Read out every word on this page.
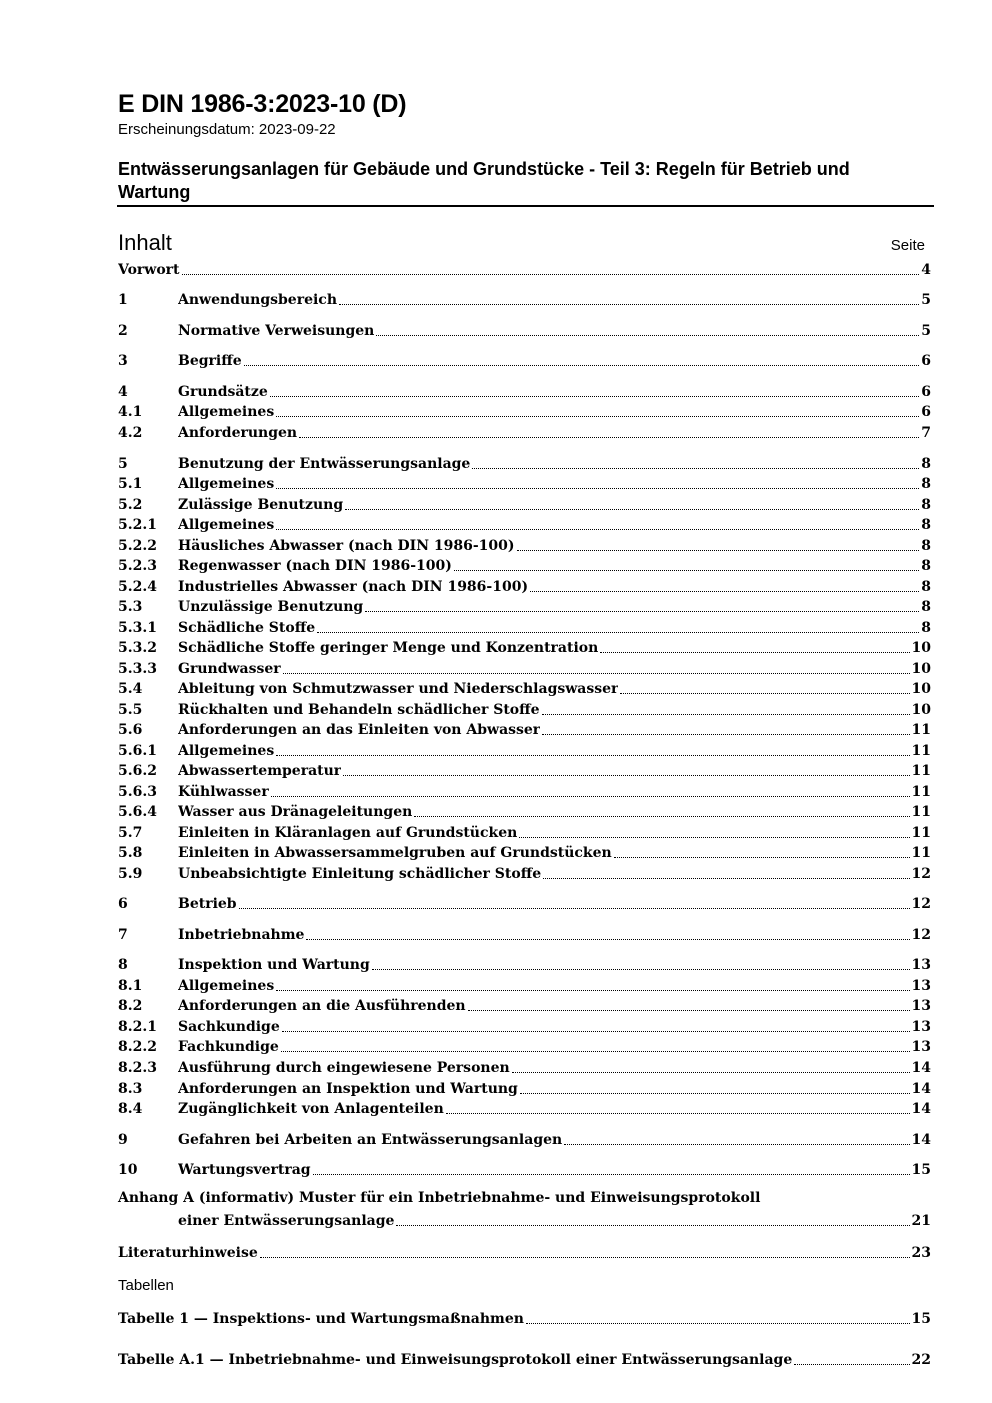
E DIN 1986-3:2023-10 (D)
Erscheinungsdatum: 2023-09-22
Entwässerungsanlagen für Gebäude und Grundstücke - Teil 3: Regeln für Betrieb und Wartung
Inhalt	Seite
Vorwort	4
1	Anwendungsbereich	5
2	Normative Verweisungen	5
3	Begriffe	6
4	Grundsätze	6
4.1	Allgemeines	6
4.2	Anforderungen	7
5	Benutzung der Entwässerungsanlage	8
5.1	Allgemeines	8
5.2	Zulässige Benutzung	8
5.2.1	Allgemeines	8
5.2.2	Häusliches Abwasser (nach DIN 1986-100)	8
5.2.3	Regenwasser (nach DIN 1986-100)	8
5.2.4	Industrielles Abwasser (nach DIN 1986-100)	8
5.3	Unzulässige Benutzung	8
5.3.1	Schädliche Stoffe	8
5.3.2	Schädliche Stoffe geringer Menge und Konzentration	10
5.3.3	Grundwasser	10
5.4	Ableitung von Schmutzwasser und Niederschlagswasser	10
5.5	Rückhalten und Behandeln schädlicher Stoffe	10
5.6	Anforderungen an das Einleiten von Abwasser	11
5.6.1	Allgemeines	11
5.6.2	Abwassertemperatur	11
5.6.3	Kühlwasser	11
5.6.4	Wasser aus Dränageleitungen	11
5.7	Einleiten in Kläranlagen auf Grundstücken	11
5.8	Einleiten in Abwassersammelgruben auf Grundstücken	11
5.9	Unbeabsichtigte Einleitung schädlicher Stoffe	12
6	Betrieb	12
7	Inbetriebnahme	12
8	Inspektion und Wartung	13
8.1	Allgemeines	13
8.2	Anforderungen an die Ausführenden	13
8.2.1	Sachkundige	13
8.2.2	Fachkundige	13
8.2.3	Ausführung durch eingewiesene Personen	14
8.3	Anforderungen an Inspektion und Wartung	14
8.4	Zugänglichkeit von Anlagenteilen	14
9	Gefahren bei Arbeiten an Entwässerungsanlagen	14
10	Wartungsvertrag	15
Anhang A (informativ) Muster für ein Inbetriebnahme- und Einweisungsprotokoll
einer Entwässerungsanlage	21
Literaturhinweise	23
Tabellen
Tabelle 1 — Inspektions- und Wartungsmaßnahmen	15
Tabelle A.1 — Inbetriebnahme- und Einweisungsprotokoll einer Entwässerungsanlage	22
